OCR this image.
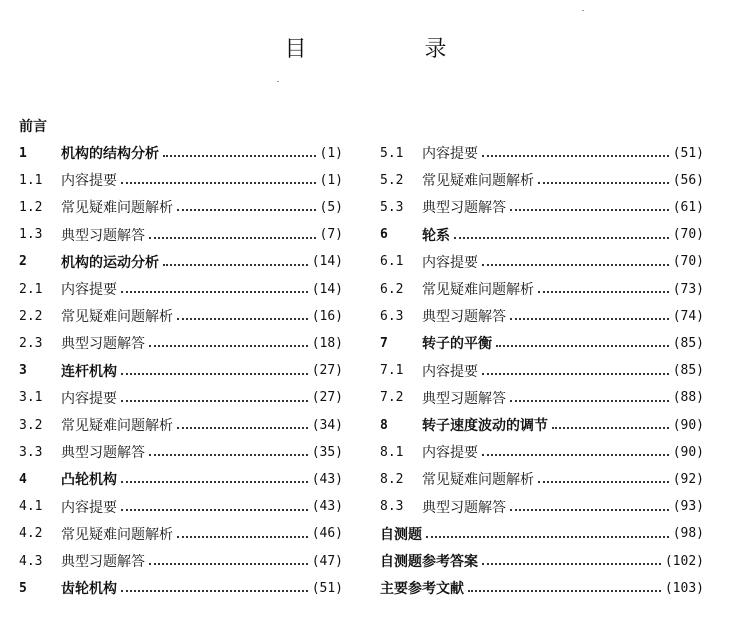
目　录
前言
1	机构的结构分析	(1)
1.1	内容提要	(1)
1.2	常见疑难问题解析	(5)
1.3	典型习题解答	(7)
2	机构的运动分析	(14)
2.1	内容提要	(14)
2.2	常见疑难问题解析	(16)
2.3	典型习题解答	(18)
3	连杆机构	(27)
3.1	内容提要	(27)
3.2	常见疑难问题解析	(34)
3.3	典型习题解答	(35)
4	凸轮机构	(43)
4.1	内容提要	(43)
4.2	常见疑难问题解析	(46)
4.3	典型习题解答	(47)
5	齿轮机构	(51)
5.1	内容提要	(51)
5.2	常见疑难问题解析	(56)
5.3	典型习题解答	(61)
6	轮系	(70)
6.1	内容提要	(70)
6.2	常见疑难问题解析	(73)
6.3	典型习题解答	(74)
7	转子的平衡	(85)
7.1	内容提要	(85)
7.2	典型习题解答	(88)
8	转子速度波动的调节	(90)
8.1	内容提要	(90)
8.2	常见疑难问题解析	(92)
8.3	典型习题解答	(93)
自测题	(98)
自测题参考答案	(102)
主要参考文献	(103)
